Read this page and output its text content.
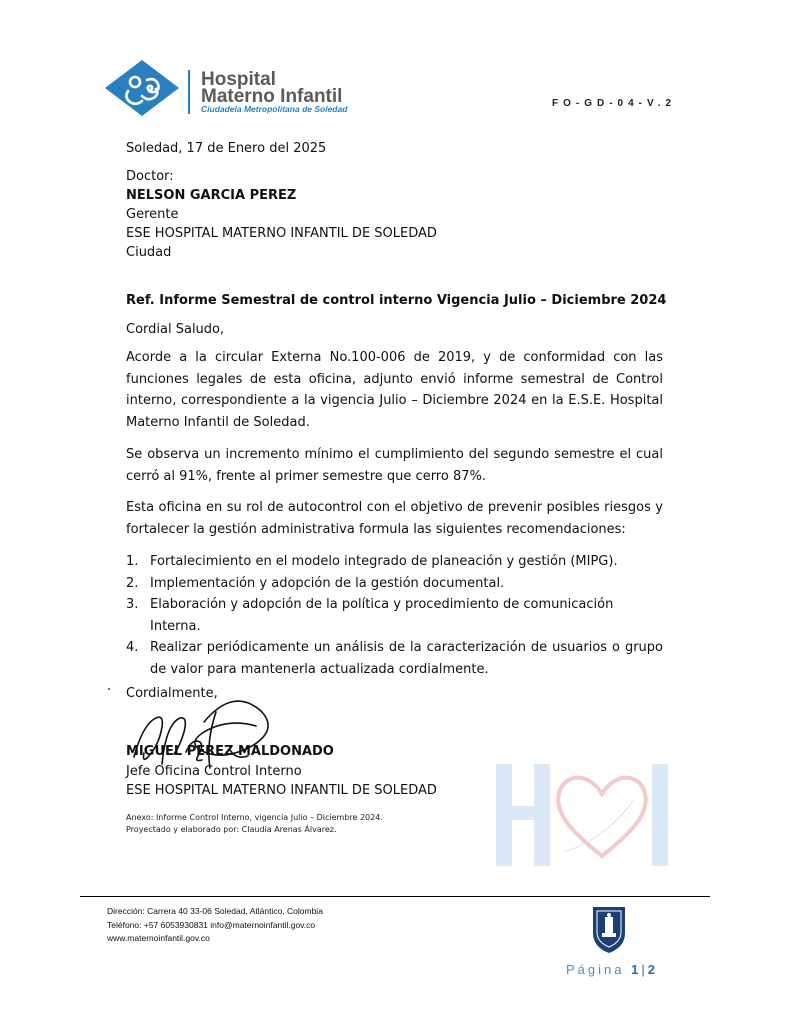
Hospital
Materno Infantil
Ciudadela Metropolitana de Soledad	FO-GD-04-V.2
Soledad, 17 de Enero del 2025
Doctor:
NELSON GARCIA PEREZ
Gerente
ESE HOSPITAL MATERNO INFANTIL DE SOLEDAD
Ciudad
Ref. Informe Semestral de control interno Vigencia Julio – Diciembre 2024
Cordial Saludo,
Acorde a la circular Externa No.100-006 de 2019, y de conformidad con las funciones legales de esta oficina, adjunto envió informe semestral de Control interno, correspondiente a la vigencia Julio – Diciembre 2024 en la E.S.E. Hospital Materno Infantil de Soledad.
Se observa un incremento mínimo el cumplimiento del segundo semestre el cual cerró al 91%, frente al primer semestre que cerro 87%.
Esta oficina en su rol de autocontrol con el objetivo de prevenir posibles riesgos y fortalecer la gestión administrativa formula las siguientes recomendaciones:
1. Fortalecimiento en el modelo integrado de planeación y gestión (MIPG).
2. Implementación y adopción de la gestión documental.
3. Elaboración y adopción de la política y procedimiento de comunicación Interna.
4. Realizar periódicamente un análisis de la caracterización de usuarios o grupo de valor para mantenerla actualizada cordialmente.
Cordialmente,
MIGUEL PEREZ MALDONADO
Jefe Oficina Control Interno
ESE HOSPITAL MATERNO INFANTIL DE SOLEDAD
Anexo: Informe Control Interno, vigencia Julio – Diciembre 2024.
Proyectado y elaborado por: Claudia Arenas Álvarez.
Dirección: Carrera 40 33-06 Soledad, Atlántico, Colombia
Teléfono: +57 6053930831 info@maternoinfantil.gov.co
www.maternoinfantil.gov.co
Página 1|2
